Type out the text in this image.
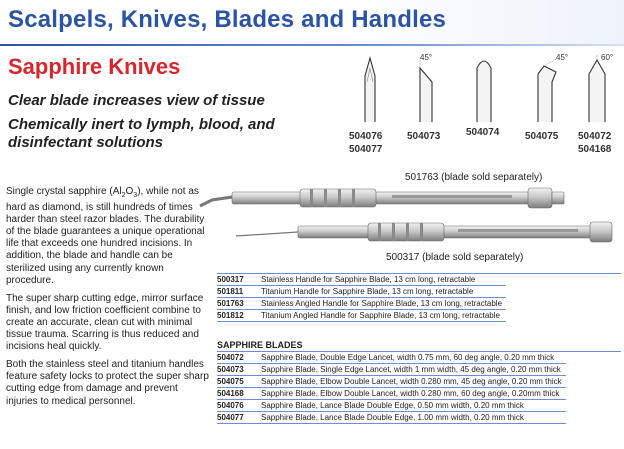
Scalpels, Knives, Blades and Handles
Sapphire Knives
Clear blade increases view of tissue
Chemically inert to lymph, blood, and
disinfectant solutions
45°	45°	60°
504076
504077
504073	504074	504075 504072
504168

Single crystal sapphire $(Al_2O_3)$, while not as hard as diamond, is still hundreds of times harder than steel razor blades. The durability of the blade guarantees a unique operational life that exceeds one hundred incisions. In addition, the blade and handle can be sterilized using any currently known procedure.

The super sharp cutting edge, mirror surface finish, and low friction coefficient combine to create an accurate, clean cut with minimal tissue trauma. Scarring is thus reduced and incisions heal quickly.

Both the stainless steel and titanium handles feature safety locks to protect the super sharp cutting edge from damage and prevent injuries to medical personnel.

501763 (blade sold separately)
500317 (blade sold separately)
500317	Stainless Handle for Sapphire Blade, 13 cm long, retractable
501811	Titanium Handle for Sapphire Blade, 13 cm long, retractable
501763	Stainless Angled Handle for Sapphire Blade, 13 cm long, retractable
501812	Titanium Angled Handle for Sapphire Blade, 13 cm long, retractable
SAPPHIRE BLADES
504072	Sapphire Blade, Double Edge Lancet, width 0.75 mm, 60 deg angle, 0.20 mm thick
504073	Sapphire Blade, Single Edge Lancet, width 1 mm width, 45 deg angle, 0.20 mm thick
504075	Sapphire Blade, Elbow Double Lancet, width 0.280 mm, 45 deg angle, 0.20 mm thick
504168	Sapphire Blade, Elbow Double Lancet, width 0.280 mm, 60 deg angle, 0.20mm thick
504076	Sapphire Blade, Lance Blade Double Edge, 0.50 mm width, 0.20 mm thick
504077	Sapphire Blade, Lance Blade Double Edge, 1.00 mm width, 0.20 mm thick
